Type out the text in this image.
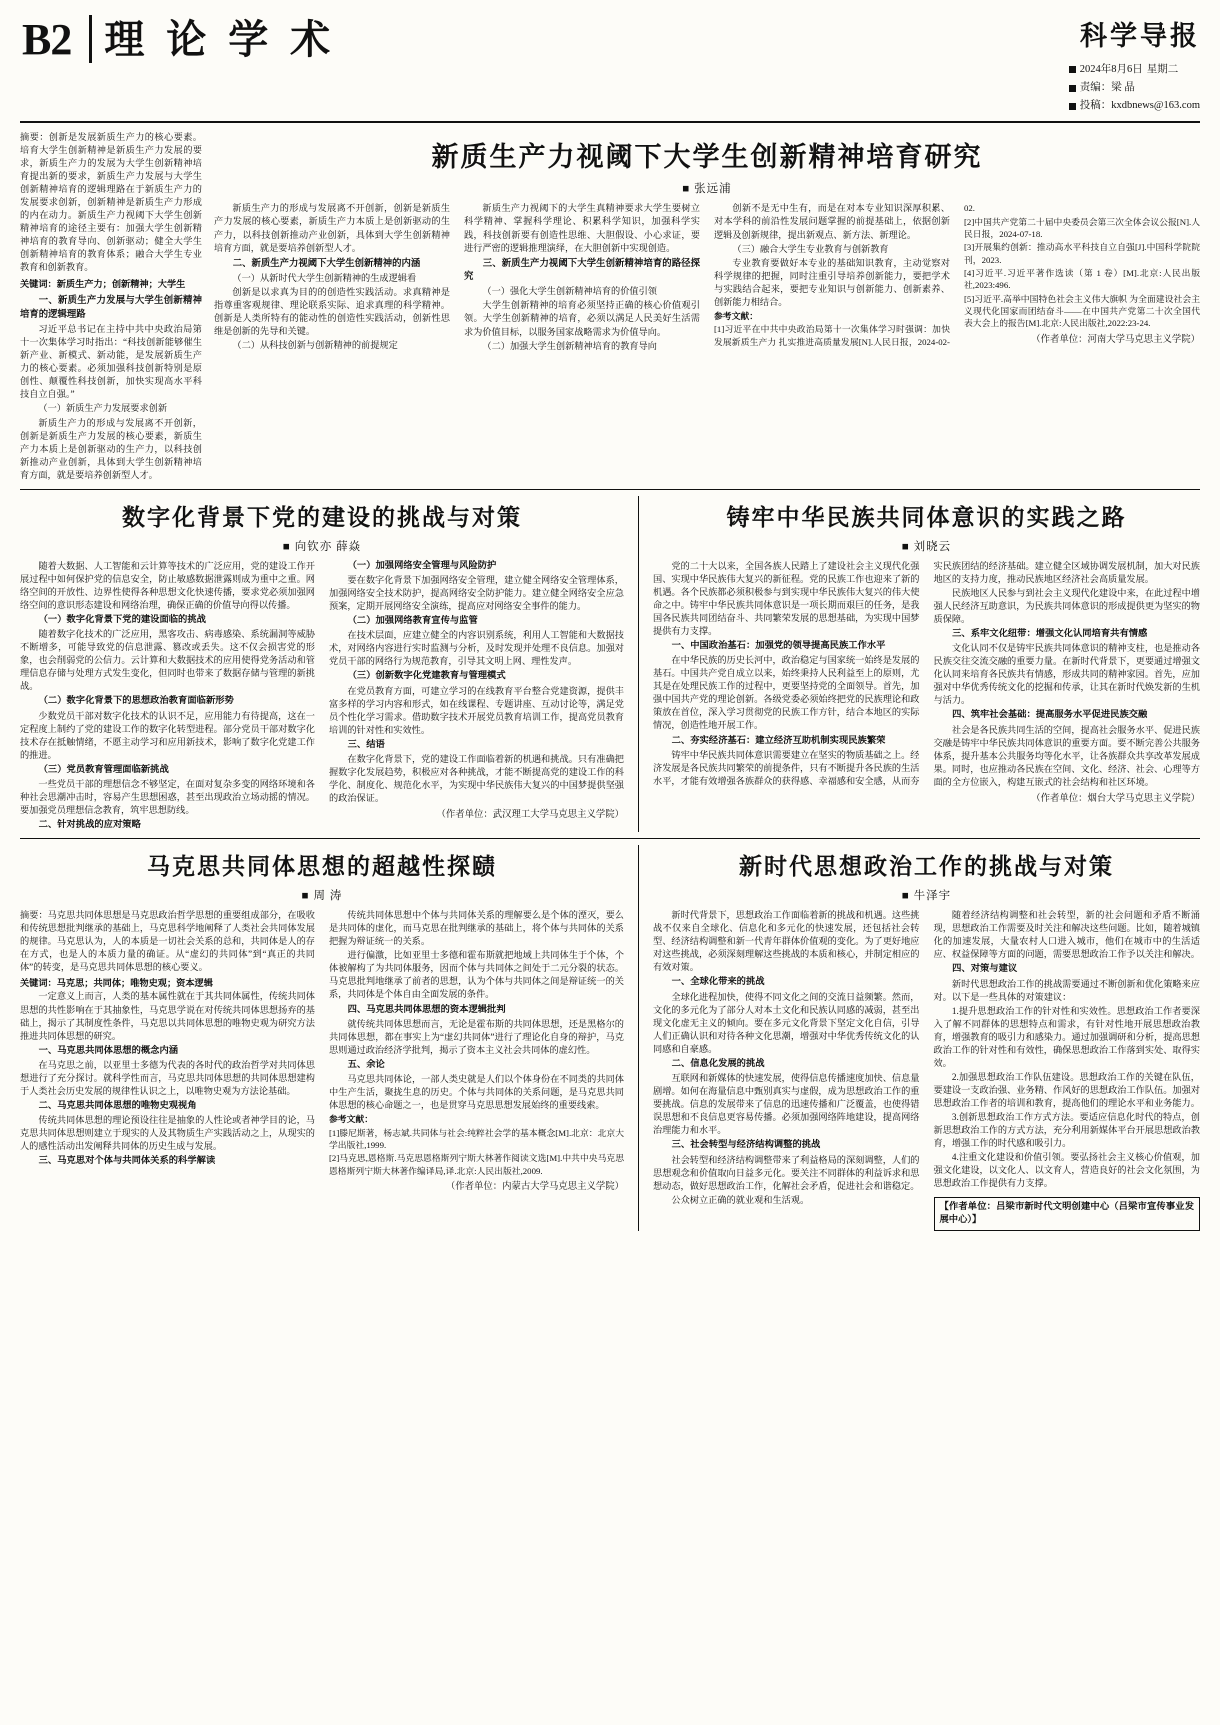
B2 理 论 学 术	科学导报
2024年8月6日 星期二
责编：梁 晶
投稿：kxdbnews@163.com
摘要：创新是发展新质生产力的核心要素。培育大学生创新精神是新质生产力发展的要求，新质生产力的发展为大学生创新精神培育提出新的要求，新质生产力发展与大学生创新精神培育的逻辑理路在于新质生产力的发展要求创新，创新精神是新质生产力形成的内在动力。新质生产力视阈下大学生创新精神培育的途径主要有：加强大学生创新精神培育的教育导向、创新驱动；健全大学生创新精神培育的教育体系；融合大学生专业教育和创新教育。
关键词：新质生产力；创新精神；大学生
一、新质生产力发展与大学生创新精神培育的逻辑理路

习近平总书记在主持中共中央政治局第十一次集体学习时指出：“科技创新能够催生新产业、新模式、新动能，是发展新质生产力的核心要素。必须加强科技创新特别是原创性、颠覆性科技创新，加快实现高水平科技自立自强。”

（一）新质生产力发展要求创新

新质生产力的形成与发展离不开创新，创新是新质生产力发展的核心要素，新质生产力本质上是创新驱动的生产力，以科技创新推动产业创新，具体到大学生创新精神培育方面，就是要培养创新型人才。

新质生产力视阈下大学生创新精神培育研究
■ 张远浦

新质生产力的形成与发展离不开创新，创新是新质生产力发展的核心要素，新质生产力本质上是创新驱动的生产力，以科技创新推动产业创新，具体到大学生创新精神培育方面，就是要培养创新型人才。

二、新质生产力视阈下大学生创新精神的内涵

（一）从新时代大学生创新精神的生成逻辑看

创新是以求真为目的的创造性实践活动。求真精神是指尊重客观规律、理论联系实际、追求真理的科学精神。创新是人类所特有的能动性的创造性实践活动，创新性思维是创新的先导和关键。

（二）从科技创新与创新精神的前提规定

新质生产力视阈下的大学生真精神要求大学生要树立科学精神、掌握科学理论、积累科学知识，加强科学实践，科技创新要有创造性思维、大胆假设、小心求证，要进行严密的逻辑推理演绎，在大胆创新中实现创造。

三、新质生产力视阈下大学生创新精神培育的路径探究

（一）强化大学生创新精神培育的价值引领

大学生创新精神的培育必须坚持正确的核心价值观引领。大学生创新精神的培育，必须以满足人民美好生活需求为价值目标，以服务国家战略需求为价值导向。

（二）加强大学生创新精神培育的教育导向

创新不是无中生有，而是在对本专业知识深厚积累、对本学科的前沿性发展问题掌握的前提基础上，依据创新逻辑及创新规律，提出新观点、新方法、新理论。

（三）融合大学生专业教育与创新教育

专业教育要做好本专业的基础知识教育，主动觉察对科学规律的把握，同时注重引导培养创新能力，要把学术与实践结合起来，要把专业知识与创新能力、创新素养、创新能力相结合。

参考文献：

[1]习近平在中共中央政治局第十一次集体学习时强调：加快发展新质生产力 扎实推进高质量发展[N].人民日报，2024-02-02.

[2]中国共产党第二十届中央委员会第三次全体会议公报[N].人民日报，2024-07-18.

[3]开展集约创新：推动高水平科技自立自强[J].中国科学院院刊，2023.

[4]习近平.习近平著作选读（第 1 卷）[M].北京:人民出版社,2023:496.

[5]习近平.高举中国特色社会主义伟大旗帜 为全面建设社会主义现代化国家而团结奋斗——在中国共产党第二十次全国代表大会上的报告[M].北京:人民出版社,2022:23-24.

（作者单位：河南大学马克思主义学院）
数字化背景下党的建设的挑战与对策
■ 向钦亦 薛焱

随着大数据、人工智能和云计算等技术的广泛应用，党的建设工作开展过程中如何保护党的信息安全，防止敏感数据泄露则成为重中之重。网络空间的开放性、边界性使得各种思想文化快速传播，要求党必须加强网络空间的意识形态建设和网络治理，确保正确的价值导向得以传播。

（一）数字化背景下党的建设面临的挑战

随着数字化技术的广泛应用，黑客攻击、病毒感染、系统漏洞等威胁不断增多，可能导致党的信息泄露、篡改或丢失。这不仅会损害党的形象，也会削弱党的公信力。云计算和大数据技术的应用使得党务活动和管理信息存储与处理方式发生变化，但同时也带来了数据存储与管理的新挑战。

（二）数字化背景下的思想政治教育面临新形势

少数党员干部对数字化技术的认识不足，应用能力有待提高，这在一定程度上制约了党的建设工作的数字化转型进程。部分党员干部对数字化技术存在抵触情绪，不愿主动学习和应用新技术，影响了数字化党建工作的推进。

（三）党员教育管理面临新挑战

一些党员干部的理想信念不够坚定，在面对复杂多变的网络环境和各种社会思潮冲击时，容易产生思想困惑，甚至出现政治立场动摇的情况。要加强党员理想信念教育，筑牢思想防线。

二、针对挑战的应对策略
（一）加强网络安全管理与风险防护

要在数字化背景下加强网络安全管理，建立健全网络安全管理体系，加强网络安全技术防护，提高网络安全防护能力。建立健全网络安全应急预案，定期开展网络安全演练，提高应对网络安全事件的能力。

（二）加强网络教育宣传与监管

在技术层面，应建立健全的内容识别系统，利用人工智能和大数据技术，对网络内容进行实时监测与分析，及时发现并处理不良信息。加强对党员干部的网络行为规范教育，引导其文明上网、理性发声。

（三）创新数字化党建教育与管理模式

在党员教育方面，可建立学习的在线教育平台整合党建资源，提供丰富多样的学习内容和形式，如在线课程、专题讲座、互动讨论等，满足党员个性化学习需求。借助数字技术开展党员教育培训工作，提高党员教育培训的针对性和实效性。

三、结语

在数字化背景下，党的建设工作面临着新的机遇和挑战。只有准确把握数字化发展趋势，积极应对各种挑战，才能不断提高党的建设工作的科学化、制度化、规范化水平，为实现中华民族伟大复兴的中国梦提供坚强的政治保证。

（作者单位：武汉理工大学马克思主义学院）
铸牢中华民族共同体意识的实践之路
■ 刘晓云

党的二十大以来，全国各族人民踏上了建设社会主义现代化强国、实现中华民族伟大复兴的新征程。党的民族工作也迎来了新的机遇。各个民族都必须积极参与到实现中华民族伟大复兴的伟大使命之中。铸牢中华民族共同体意识是一项长期而艰巨的任务，是我国各民族共同团结奋斗、共同繁荣发展的思想基础，为实现中国梦提供有力支撑。

一、中国政治基石：加强党的领导提高民族工作水平

在中华民族的历史长河中，政治稳定与国家统一始终是发展的基石。中国共产党自成立以来，始终秉持人民利益至上的原则，尤其是在处理民族工作的过程中，更要坚持党的全面领导。首先，加强中国共产党的理论创新。各级党委必须始终把党的民族理论和政策放在首位，深入学习贯彻党的民族工作方针，结合本地区的实际情况，创造性地开展工作。

二、夯实经济基石：建立经济互助机制实现民族繁荣

铸牢中华民族共同体意识需要建立在坚实的物质基础之上。经济发展是各民族共同繁荣的前提条件，只有不断提升各民族的生活水平，才能有效增强各族群众的获得感、幸福感和安全感，从而夯实民族团结的经济基础。建立健全区域协调发展机制，加大对民族地区的支持力度，推动民族地区经济社会高质量发展。

民族地区人民参与到社会主义现代化建设中来，在此过程中增强人民经济互助意识，为民族共同体意识的形成提供更为坚实的物质保障。

三、系牢文化纽带：增强文化认同培育共有情感

文化认同不仅是铸牢民族共同体意识的精神支柱，也是推动各民族交往交流交融的重要力量。在新时代背景下，更要通过增强文化认同来培育各民族共有情感，形成共同的精神家园。首先，应加强对中华优秀传统文化的挖掘和传承，让其在新时代焕发新的生机与活力。

四、筑牢社会基础：提高服务水平促进民族交融

社会是各民族共同生活的空间，提高社会服务水平、促进民族交融是铸牢中华民族共同体意识的重要方面。要不断完善公共服务体系，提升基本公共服务均等化水平，让各族群众共享改革发展成果。同时，也应推动各民族在空间、文化、经济、社会、心理等方面的全方位嵌入，构建互嵌式的社会结构和社区环境。

（作者单位：烟台大学马克思主义学院）
马克思共同体思想的超越性探赜
■ 周 涛
摘要：马克思共同体思想是马克思政治哲学思想的重要组成部分，在吸收和传统思想批判继承的基础上，马克思科学地阐释了人类社会共同体发展的规律。马克思认为，人的本质是一切社会关系的总和，共同体是人的存在方式，也是人的本质力量的确证。从“虚幻的共同体”到“真正的共同体”的转变，是马克思共同体思想的核心要义。
关键词：马克思；共同体；唯物史观；资本逻辑

一定意义上而言，人类的基本属性就在于其共同体属性，传统共同体思想的共性影响在于其抽象性，马克思学说在对传统共同体思想扬弃的基础上，揭示了其制度性条件，马克思以共同体思想的唯物史观为研究方法推进共同体思想的研究。

一、马克思共同体思想的概念内涵

在马克思之前，以亚里士多德为代表的各时代的政治哲学对共同体思想进行了充分探讨。就科学性而言，马克思共同体思想的共同体思想建构于人类社会历史发展的规律性认识之上，以唯物史观为方法论基础。

二、马克思共同体思想的唯物史观视角

传统共同体思想的理论预设往往是抽象的人性论或者神学目的论，马克思共同体思想则建立于现实的人及其物质生产实践活动之上，从现实的人的感性活动出发阐释共同体的历史生成与发展。

三、马克思对个体与共同体关系的科学解读

传统共同体思想中个体与共同体关系的理解要么是个体的湮灭，要么是共同体的虚化，而马克思在批判继承的基础上，将个体与共同体的关系把握为辩证统一的关系。

进行偏激，比如亚里士多德和霍布斯就把地域上共同体生于个体，个体被解构了为共同体服务，因而个体与共同体之间处于二元分裂的状态。马克思批判地继承了前者的思想，认为个体与共同体之间是辩证统一的关系，共同体是个体自由全面发展的条件。

四、马克思共同体思想的资本逻辑批判

就传统共同体思想而言，无论是霍布斯的共同体思想，还是黑格尔的共同体思想，都在事实上为“虚幻共同体”进行了理论化自身的辩护，马克思则通过政治经济学批判，揭示了资本主义社会共同体的虚幻性。

五、余论

马克思共同体论，一部人类史就是人们以个体身份在不同类的共同体中生产生活，聚拢生息的历史。个体与共同体的关系问题，是马克思共同体思想的核心命题之一，也是贯穿马克思思想发展始终的重要线索。

参考文献：

[1]滕尼斯著，杨志斌.共同体与社会:纯粹社会学的基本概念[M].北京：北京大学出版社,1999.

[2]马克思,恩格斯.马克思恩格斯列宁斯大林著作阅读文选[M].中共中央马克思恩格斯列宁斯大林著作编译局,译.北京:人民出版社,2009.

（作者单位：内蒙古大学马克思主义学院）
新时代思想政治工作的挑战与对策
■ 牛泽宇

新时代背景下，思想政治工作面临着新的挑战和机遇。这些挑战不仅来自全球化、信息化和多元化的快速发展，还包括社会转型、经济结构调整和新一代青年群体价值观的变化。为了更好地应对这些挑战，必须深刻理解这些挑战的本质和核心，并制定相应的有效对策。

一、全球化带来的挑战

全球化进程加快，使得不同文化之间的交流日益频繁。然而，文化的多元化为了部分人对本土文化和民族认同感的减弱，甚至出现文化虚无主义的倾向。要在多元文化背景下坚定文化自信，引导人们正确认识和对待各种文化思潮，增强对中华优秀传统文化的认同感和自豪感。

二、信息化发展的挑战

互联网和新媒体的快速发展，使得信息传播速度加快、信息量剧增。如何在海量信息中甄别真实与虚假，成为思想政治工作的重要挑战。信息的发展带来了信息的迅速传播和广泛覆盖，也使得错误思想和不良信息更容易传播。必须加强网络阵地建设，提高网络治理能力和水平。

三、社会转型与经济结构调整的挑战

社会转型和经济结构调整带来了利益格局的深刻调整，人们的思想观念和价值取向日益多元化。要关注不同群体的利益诉求和思想动态，做好思想政治工作，化解社会矛盾，促进社会和谐稳定。

公众树立正确的就业观和生活观。

随着经济结构调整和社会转型，新的社会问题和矛盾不断涌现，思想政治工作需要及时关注和解决这些问题。比如，随着城镇化的加速发展，大量农村人口进入城市，他们在城市中的生活适应、权益保障等方面的问题，需要思想政治工作予以关注和解决。

四、对策与建议

新时代思想政治工作的挑战需要通过不断创新和优化策略来应对。以下是一些具体的对策建议：

1.提升思想政治工作的针对性和实效性。思想政治工作者要深入了解不同群体的思想特点和需求，有针对性地开展思想政治教育，增强教育的吸引力和感染力。通过加强调研和分析，提高思想政治工作的针对性和有效性，确保思想政治工作落到实处、取得实效。

2.加强思想政治工作队伍建设。思想政治工作的关键在队伍，要建设一支政治强、业务精、作风好的思想政治工作队伍。加强对思想政治工作者的培训和教育，提高他们的理论水平和业务能力。

3.创新思想政治工作方式方法。要适应信息化时代的特点，创新思想政治工作的方式方法，充分利用新媒体平台开展思想政治教育，增强工作的时代感和吸引力。

4.注重文化建设和价值引领。要弘扬社会主义核心价值观，加强文化建设，以文化人、以文育人，营造良好的社会文化氛围，为思想政治工作提供有力支撑。

【作者单位：吕梁市新时代文明创建中心（吕梁市宣传事业发展中心）】
